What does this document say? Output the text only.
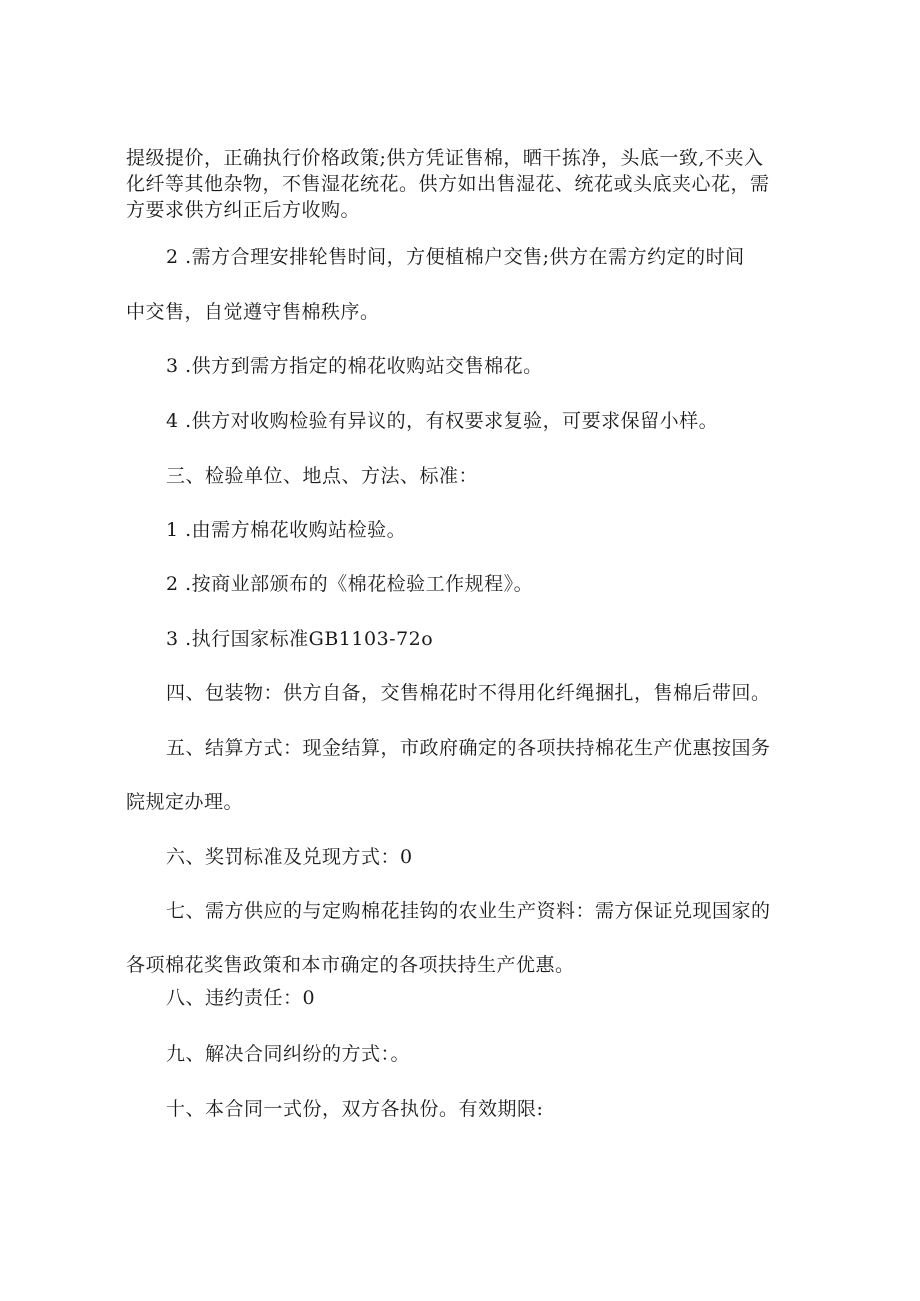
提级提价，正确执行价格政策;供方凭证售棉，晒干拣净，头底一致,不夹入
化纤等其他杂物，不售湿花统花。供方如出售湿花、统花或头底夹心花，需
方要求供方纠正后方收购。
2 .需方合理安排轮售时间，方便植棉户交售;供方在需方约定的时间
中交售，自觉遵守售棉秩序。
3 .供方到需方指定的棉花收购站交售棉花。
4 .供方对收购检验有异议的，有权要求复验，可要求保留小样。
三、检验单位、地点、方法、标准：
1 .由需方棉花收购站检验。
2 .按商业部颁布的《棉花检验工作规程》。
3 .执行国家标准GB1103-72o
四、包装物：供方自备，交售棉花时不得用化纤绳捆扎，售棉后带回。
五、结算方式：现金结算，市政府确定的各项扶持棉花生产优惠按国务
院规定办理。
六、奖罚标准及兑现方式：0
七、需方供应的与定购棉花挂钩的农业生产资料：需方保证兑现国家的
各项棉花奖售政策和本市确定的各项扶持生产优惠。
八、违约责任：0
九、解决合同纠纷的方式：。
十、本合同一式份，双方各执份。有效期限:
